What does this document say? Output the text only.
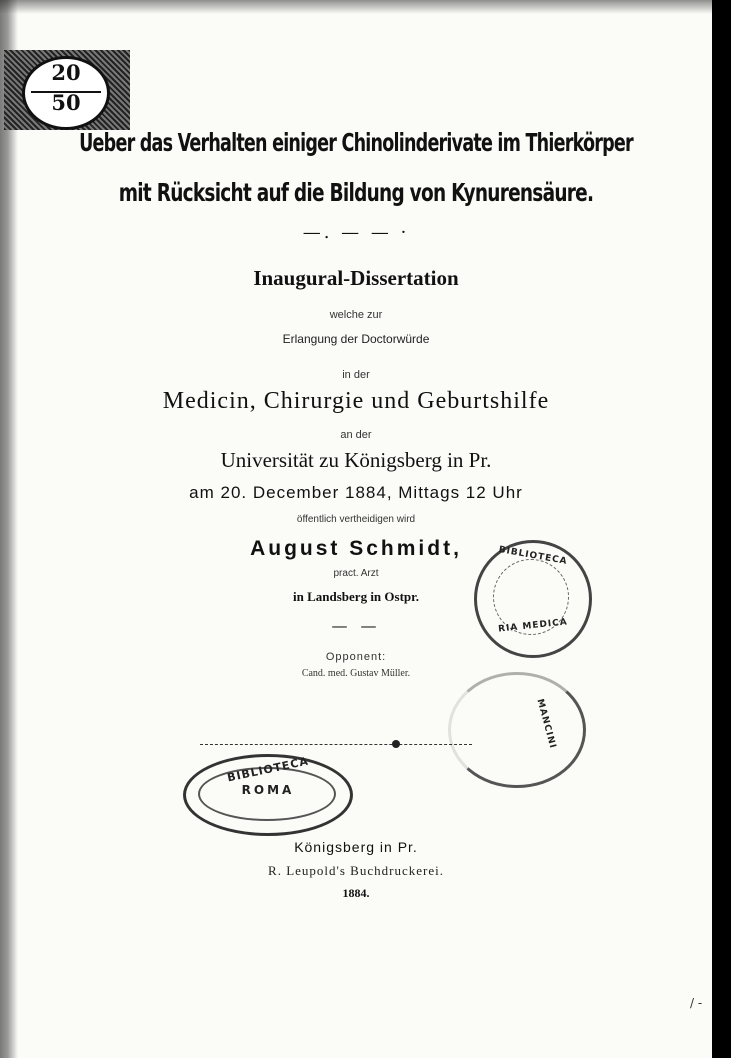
20
50
Ueber das Verhalten einiger Chinolinderivate im Thierkörper
mit Rücksicht auf die Bildung von Kynurensäure.
—. — — ·
Inaugural-Dissertation
welche zur
Erlangung der Doctorwürde
in der
Medicin, Chirurgie und Geburtshilfe
an der
Universität zu Königsberg in Pr.
am 20. December 1884, Mittags 12 Uhr
öffentlich vertheidigen wird
August Schmidt,
pract. Arzt
in Landsberg in Ostpr.
— —
Opponent:
Cand. med. Gustav Müller.
BIBLIOTECA
RIA MEDICA
MANCINI
BIBLIOTECA
ROMA
Königsberg in Pr.
R. Leupold's Buchdruckerei.
1884.
/ -
